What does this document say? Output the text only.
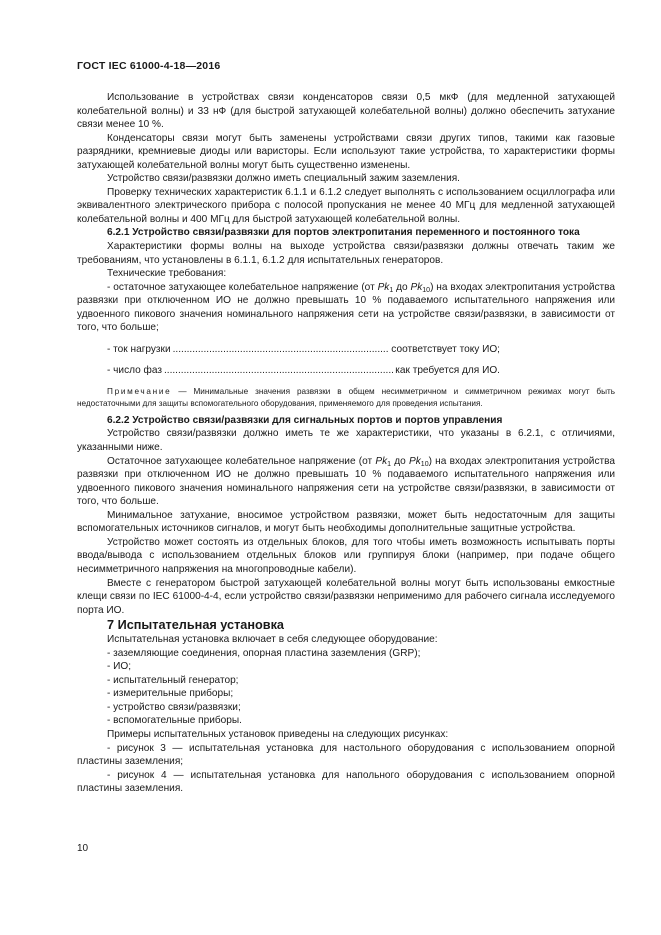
ГОСТ IEC 61000-4-18—2016

Использование в устройствах связи конденсаторов связи 0,5 мкФ (для медленной затухающей колебательной волны) и 33 нФ (для быстрой затухающей колебательной волны) должно обеспечить затухание связи менее 10 %.

Конденсаторы связи могут быть заменены устройствами связи других типов, такими как газовые разрядники, кремниевые диоды или варисторы. Если используют такие устройства, то характеристики формы затухающей колебательной волны могут быть существенно изменены.

Устройство связи/развязки должно иметь специальный зажим заземления.

Проверку технических характеристик 6.1.1 и 6.1.2 следует выполнять с использованием осциллографа или эквивалентного электрического прибора с полосой пропускания не менее 40 МГц для медленной затухающей колебательной волны и 400 МГц для быстрой затухающей колебательной волны.

6.2.1 Устройство связи/развязки для портов электропитания переменного и постоянного тока

Характеристики формы волны на выходе устройства связи/развязки должны отвечать таким же требованиям, что установлены в 6.1.1, 6.1.2 для испытательных генераторов.

Технические требования:

- остаточное затухающее колебательное напряжение (от $Pk_1$ до $Pk_{10}$) на входах электропитания устройства развязки при отключенном ИО не должно превышать 10 % подаваемого испытательного напряжения или удвоенного пикового значения номинального напряжения сети на устройстве связи/развязки, в зависимости от того, что больше;

- ток нагрузки .....	соответствует току ИО;

- число фаз .....	как требуется для ИО.

Примечание — Минимальные значения развязки в общем несимметричном и симметричном режимах могут быть недостаточными для защиты вспомогательного оборудования, применяемого для проведения испытания.

6.2.2 Устройство связи/развязки для сигнальных портов и портов управления

Устройство связи/развязки должно иметь те же характеристики, что указаны в 6.2.1, с отличиями, указанными ниже.

Остаточное затухающее колебательное напряжение (от $Pk_1$ до $Pk_{10}$) на входах электропитания устройства развязки при отключенном ИО не должно превышать 10 % подаваемого испытательного напряжения или удвоенного пикового значения номинального напряжения сети на устройстве связи/развязки, в зависимости от того, что больше.

Минимальное затухание, вносимое устройством развязки, может быть недостаточным для защиты вспомогательных источников сигналов, и могут быть необходимы дополнительные защитные устройства.

Устройство может состоять из отдельных блоков, для того чтобы иметь возможность испытывать порты ввода/вывода с использованием отдельных блоков или группируя блоки (например, при подаче общего несимметричного напряжения на многопроводные кабели).

Вместе с генератором быстрой затухающей колебательной волны могут быть использованы емкостные клещи связи по IEC 61000-4-4, если устройство связи/развязки неприменимо для рабочего сигнала исследуемого порта ИО.

7 Испытательная установка

Испытательная установка включает в себя следующее оборудование:

- заземляющие соединения, опорная пластина заземления (GRP);

- ИО;

- испытательный генератор;

- измерительные приборы;

- устройство связи/развязки;

- вспомогательные приборы.

Примеры испытательных установок приведены на следующих рисунках:

- рисунок 3 — испытательная установка для настольного оборудования с использованием опорной пластины заземления;

- рисунок 4 — испытательная установка для напольного оборудования с использованием опорной пластины заземления.

10
